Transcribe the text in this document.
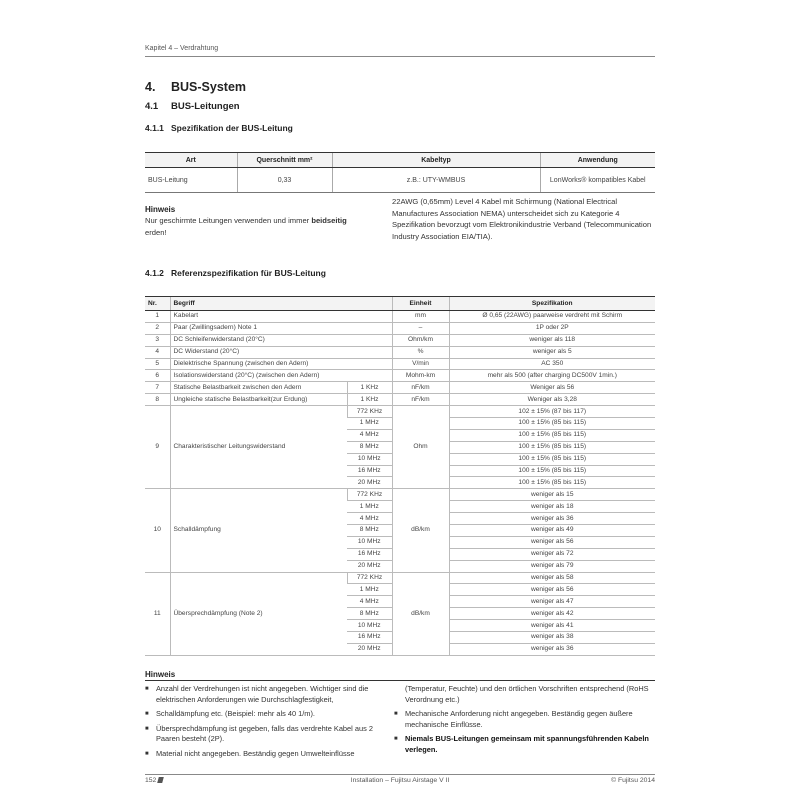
Kapitel 4 – Verdrahtung
4. BUS-System
4.1 BUS-Leitungen
4.1.1 Spezifikation der BUS-Leitung
Art	Querschnitt mm²	Kabeltyp	Anwendung
BUS-Leitung	0,33	z.B.: UTY-WMBUS	LonWorks® kompatibles Kabel
Hinweis
Nur geschirmte Leitungen verwenden und immer beidseitig erden!
22AWG (0,65mm) Level 4 Kabel mit Schirmung (National Electrical Manufactures Association NEMA) unterscheidet sich zu Kategorie 4 Spezifikation bevorzugt vom Elektronikindustrie Verband (Telecommunication Industry Association EIA/TIA).
4.1.2 Referenzspezifikation für BUS-Leitung
Nr.	Begriff		Einheit	Spezifikation
1	Kabelart		mm	Ø 0,65 (22AWG) paarweise verdreht mit Schirm
2	Paar (Zwillingsadern) Note 1		–	1P oder 2P
3	DC Schleifenwiderstand (20°C)		Ohm/km	weniger als 118
4	DC Widerstand (20°C)		%	weniger als 5
5	Dielektrische Spannung (zwischen den Adern)		V/min	AC 350
6	Isolationswiderstand (20°C) (zwischen den Adern)		Mohm-km	mehr als 500 (after charging DC500V 1min.)
7	Statische Belastbarkeit zwischen den Adern	1 KHz	nF/km	Weniger als 56
8	Ungleiche statische Belastbarkeit(zur Erdung)	1 KHz	nF/km	Weniger als 3,28
9	Charakteristischer Leitungswiderstand	772 KHz	Ohm	102 ± 15% (87 bis 117)
		1 MHz		100 ± 15% (85 bis 115)
		4 MHz		100 ± 15% (85 bis 115)
		8 MHz		100 ± 15% (85 bis 115)
		10 MHz		100 ± 15% (85 bis 115)
		16 MHz		100 ± 15% (85 bis 115)
		20 MHz		100 ± 15% (85 bis 115)
10	Schalldämpfung	772 KHz	dB/km	weniger als 15
		1 MHz		weniger als 18
		4 MHz		weniger als 36
		8 MHz		weniger als 49
		10 MHz		weniger als 56
		16 MHz		weniger als 72
		20 MHz		weniger als 79
11	Übersprechdämpfung (Note 2)	772 KHz	dB/km	weniger als 58
		1 MHz		weniger als 56
		4 MHz		weniger als 47
		8 MHz		weniger als 42
		10 MHz		weniger als 41
		16 MHz		weniger als 38
		20 MHz		weniger als 36
Hinweis
■ Anzahl der Verdrehungen ist nicht angegeben. Wichtiger sind die elektrischen Anforderungen wie Durchschlagfestigkeit,
■ Schalldämpfung etc. (Beispiel: mehr als 40 1/m).
■ Übersprechdämpfung ist gegeben, falls das verdrehte Kabel aus 2 Paaren besteht (2P).
■ Material nicht angegeben. Beständig gegen Umwelteinflüsse
(Temperatur, Feuchte) und den örtlichen Vorschriften entsprechend (RoHS Verordnung etc.)
■ Mechanische Anforderung nicht angegeben. Beständig gegen äußere mechanische Einflüsse.
■ Niemals BUS-Leitungen gemeinsam mit spannungsführenden Kabeln verlegen.
152	Installation – Fujitsu Airstage V II	© Fujitsu 2014
